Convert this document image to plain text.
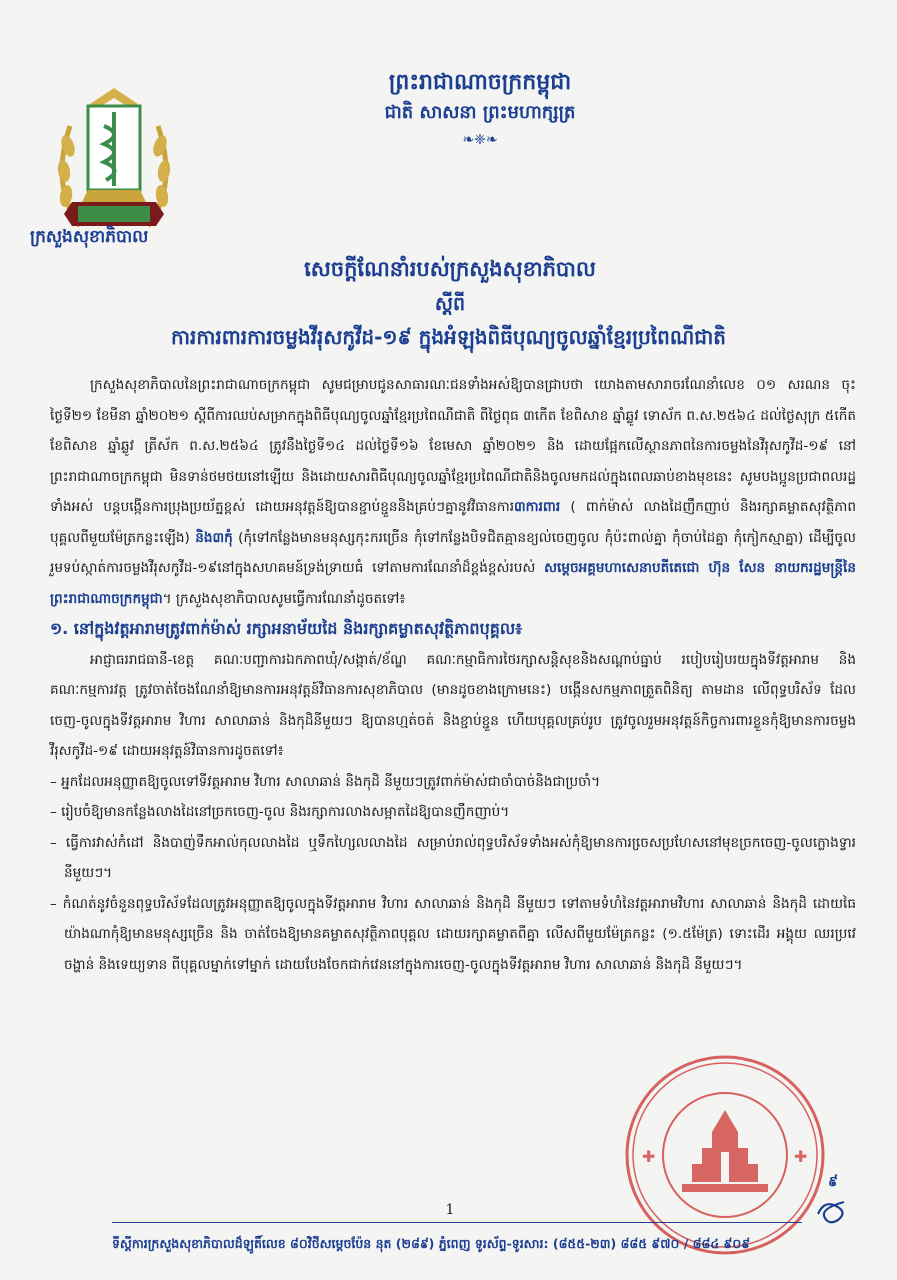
ក្រសួងសុខាភិបាល
ព្រះរាជាណាចក្រកម្ពុជា
ជាតិ សាសនា ព្រះមហាក្សត្រ
❧❈❧
សេចក្តីណែនាំរបស់ក្រសួងសុខាភិបាល
ស្តីពី
ការការពារការចម្លងវីរុសកូវីដ-១៩ ក្នុងអំឡុងពិធីបុណ្យចូលឆ្នាំខ្មែរប្រពៃណីជាតិ

ក្រសួងសុខាភិបាលនៃព្រះរាជាណាចក្រកម្ពុជា សូមជម្រាបជូនសាធារណៈជនទាំងអស់ឱ្យបានជ្រាបថា យោងតាមសារាចរណែនាំលេខ ០១ សរណន ចុះថ្ងៃទី២១ ខែមីនា ឆ្នាំ២០២១ ស្តីពីការឈប់សម្រាកក្នុងពិធីបុណ្យចូលឆ្នាំខ្មែរប្រពៃណីជាតិ ពីថ្ងៃពុធ ៣កើត ខែពិសាខ ឆ្នាំឆ្លូវ ទោស័ក ព.ស.២៥៦៤ ដល់ថ្ងៃសុក្រ ៥កើត ខែពិសាខ ឆ្នាំឆ្លូវ ត្រីស័ក ព.ស.២៥៦៤ ត្រូវនឹងថ្ងៃទី១៤ ដល់ថ្ងៃទី១៦ ខែមេសា ឆ្នាំ២០២១ និង ដោយផ្អែកលើស្ថានភាពនៃការចម្លងនៃវីរុសកូវីដ-១៩ នៅព្រះរាជាណាចក្រកម្ពុជា មិនទាន់ថមថយនៅឡើយ និងដោយសារពិធីបុណ្យចូលឆ្នាំខ្មែរប្រពៃណីជាតិនិងចូលមកដល់ក្នុងពេលឆាប់ខាងមុខនេះ សូមបងប្អូនប្រជាពលរដ្ឋទាំងអស់ បន្តបង្កើនការប្រុងប្រយ័ត្នខ្ពស់ ដោយអនុវត្តន៍ឱ្យបានខ្ជាប់ខ្ជួននិងគ្រប់ៗគ្នានូវវិធានការ៣ការពារ ( ពាក់ម៉ាស់ លាងដៃញឹកញាប់ និងរក្សាគម្លាតសុវត្ថិភាពបុគ្គលពីមួយម៉ែត្រកន្លះឡើង) និង៣កុំ (កុំទៅកន្លែងមានមនុស្សកុះករច្រើន កុំទៅកន្លែងបិទជិតគ្មានខ្យល់ចេញចូល កុំប៉ះពាល់គ្នា កុំចាប់ដៃគ្នា កុំកៀកស្មាគ្នា) ដើម្បីចូលរួមទប់ស្កាត់ការចម្លងវីរុសកូវីដ-១៩នៅក្នុងសហគមន៍ទ្រង់ទ្រាយធំ ទៅតាមការណែនាំដ៏ខ្ពង់ខ្ពស់របស់ សម្តេចអគ្គមហាសេនាបតីតេជោ ហ៊ុន សែន នាយករដ្ឋមន្ត្រីនៃព្រះរាជាណាចក្រកម្ពុជា។ ក្រសួងសុខាភិបាលសូមធ្វើការណែនាំដូចតទៅ៖

១. នៅក្នុងវត្តអារាមត្រូវពាក់ម៉ាស់ រក្សាអនាម័យដៃ និងរក្សាគម្លាតសុវត្ថិភាពបុគ្គល៖

អាជ្ញាធររាជធានី-ខេត្ត គណៈបញ្ជាការឯកភាពឃុំ/សង្កាត់/ខ័ណ្ឌ គណៈកម្មាធិការថៃរក្សាសន្តិសុខនិងសណ្តាប់ធ្នាប់ របៀបរៀបរយក្នុងទីវត្តអារាម និងគណៈកម្មការវត្ត ត្រូវចាត់ចែងណែនាំឱ្យមានការអនុវត្តន៍វិធានការសុខាភិបាល (មានដូចខាងក្រោមនេះ) បង្កើនសកម្មភាពត្រួតពិនិត្យ តាមដាន លើពុទ្ធបរិស័ទ ដែលចេញ-ចូលក្នុងទីវត្តអារាម វិហារ សាលាឆាន់ និងកុដិនីមួយៗ ឱ្យបានហ្មត់ចត់ និងខ្ជាប់ខ្ជួន ហើយបុគ្គលគ្រប់រូប ត្រូវចូលរួមអនុវត្តន៍កិច្ចការពារខ្លួនកុំឱ្យមានការចម្លងវីរុសកូវីដ-១៩ ដោយអនុវត្តន៍វិធានការដូចតទៅ៖

– អ្នកដែលអនុញ្ញាតឱ្យចូលទៅទីវត្តអារាម វិហារ សាលាឆាន់ និងកុដិ នីមួយៗត្រូវពាក់ម៉ាស់ជាចាំបាច់និងជាប្រចាំ។

– រៀបចំឱ្យមានកន្លែងលាងដៃនៅច្រកចេញ-ចូល និងរក្សាការលាងសម្អាតដៃឱ្យបានញឹកញាប់។

– ធ្វើការវាស់កំដៅ និងបាញ់ទឹកអាល់កុលលាងដៃ ឬទឹកហៃ្សលលាងដៃ សម្រាប់រាល់ពុទ្ធបរិស័ទទាំងអស់កុំឱ្យមានការចេ្រសប្រហែសនៅមុខច្រកចេញ-ចូលក្លោងទ្វារនីមួយៗ។

– កំណត់នូវចំនួនពុទ្ធបរិស័ទដែលត្រូវអនុញ្ញាតឱ្យចូលក្នុងទីវត្តអារាម វិហារ សាលាឆាន់ និងកុដិ នីមួយៗ ទៅតាមទំហំនៃវត្តអារាមវិហារ សាលាឆាន់ និងកុដិ ដោយធៃយ៉ាងណាកុំឱ្យមានមនុស្សច្រើន និង ចាត់ចែងឱ្យមានគម្លាតសុវត្ថិភាពបុគ្គល ដោយរក្សាគម្លាតពីគ្នា លើសពីមួយម៉ែត្រកន្លះ (១.៥ម៉ែត្រ) ទោះដើរ អង្គុយ ឈរប្រវេចង្ហាន់ និងទេយ្យទាន ពីបុគ្គលម្នាក់ទៅម្នាក់ ដោយបែងចែកជាក់វេននៅក្នុងការចេញ-ចូលក្នុងទីវត្តអារាម វិហារ សាលាឆាន់ និងកុដិ នីមួយៗ។

✚	✚
៩
1
ទីស្តីការក្រសួងសុខាភិបាលដ៏ឡូតិ៍លេខ ៨០វិថីសម្តេចប៉ែន នុត (២៨៩) ភ្នំពេញ ទូរស័ព្ទ-ទូរសារ: (៨៥៥-២៣) ៨៨៥ ៩៧០ / ៨៨៤ ៩០៩
